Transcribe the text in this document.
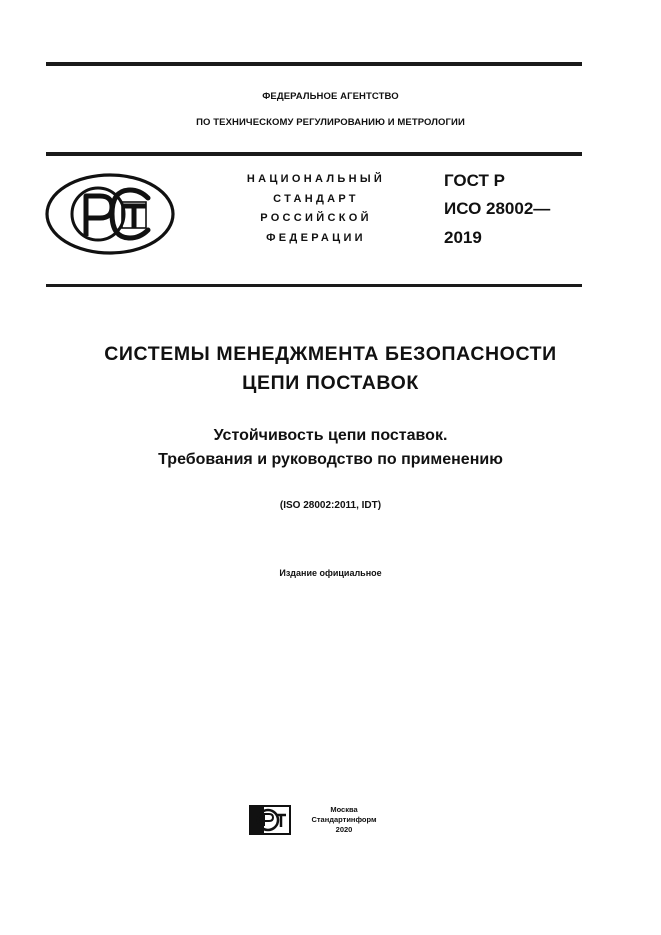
ФЕДЕРАЛЬНОЕ АГЕНТСТВО
ПО ТЕХНИЧЕСКОМУ РЕГУЛИРОВАНИЮ И МЕТРОЛОГИИ
НАЦИОНАЛЬНЫЙ
СТАНДАРТ
РОССИЙСКОЙ
ФЕДЕРАЦИИ
ГОСТ Р
ИСО 28002—
2019
СИСТЕМЫ МЕНЕДЖМЕНТА БЕЗОПАСНОСТИ
ЦЕПИ ПОСТАВОК
Устойчивость цепи поставок.
Требования и руководство по применению
(ISO 28002:2011, IDT)
Издание официальное
Москва
Стандартинформ
2020
